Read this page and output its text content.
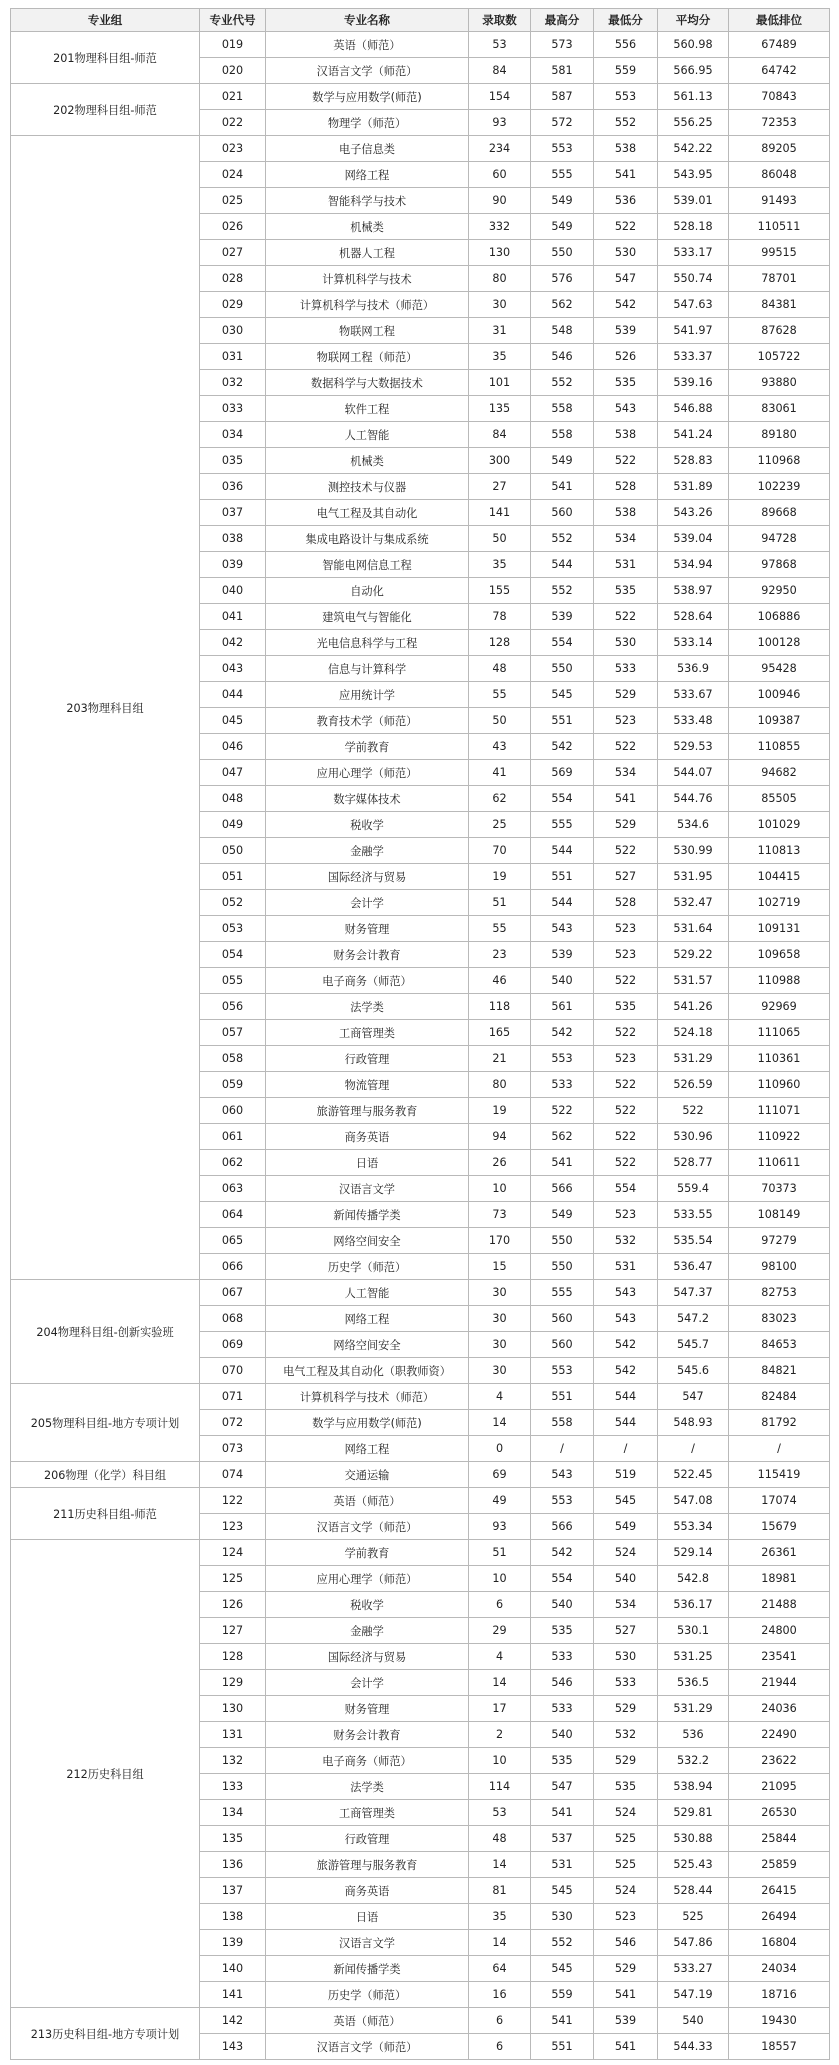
专业组	专业代号	专业名称	录取数	最高分	最低分	平均分	最低排位
201物理科目组-师范	019	英语（师范）	53	573	556	560.98	67489
	020	汉语言文学（师范）	84	581	559	566.95	64742
202物理科目组-师范	021	数学与应用数学(师范)	154	587	553	561.13	70843
	022	物理学（师范）	93	572	552	556.25	72353
203物理科目组	023	电子信息类	234	553	538	542.22	89205
	024	网络工程	60	555	541	543.95	86048
	025	智能科学与技术	90	549	536	539.01	91493
	026	机械类	332	549	522	528.18	110511
	027	机器人工程	130	550	530	533.17	99515
	028	计算机科学与技术	80	576	547	550.74	78701
	029	计算机科学与技术（师范）	30	562	542	547.63	84381
	030	物联网工程	31	548	539	541.97	87628
	031	物联网工程（师范）	35	546	526	533.37	105722
	032	数据科学与大数据技术	101	552	535	539.16	93880
	033	软件工程	135	558	543	546.88	83061
	034	人工智能	84	558	538	541.24	89180
	035	机械类	300	549	522	528.83	110968
	036	测控技术与仪器	27	541	528	531.89	102239
	037	电气工程及其自动化	141	560	538	543.26	89668
	038	集成电路设计与集成系统	50	552	534	539.04	94728
	039	智能电网信息工程	35	544	531	534.94	97868
	040	自动化	155	552	535	538.97	92950
	041	建筑电气与智能化	78	539	522	528.64	106886
	042	光电信息科学与工程	128	554	530	533.14	100128
	043	信息与计算科学	48	550	533	536.9	95428
	044	应用统计学	55	545	529	533.67	100946
	045	教育技术学（师范）	50	551	523	533.48	109387
	046	学前教育	43	542	522	529.53	110855
	047	应用心理学（师范）	41	569	534	544.07	94682
	048	数字媒体技术	62	554	541	544.76	85505
	049	税收学	25	555	529	534.6	101029
	050	金融学	70	544	522	530.99	110813
	051	国际经济与贸易	19	551	527	531.95	104415
	052	会计学	51	544	528	532.47	102719
	053	财务管理	55	543	523	531.64	109131
	054	财务会计教育	23	539	523	529.22	109658
	055	电子商务（师范）	46	540	522	531.57	110988
	056	法学类	118	561	535	541.26	92969
	057	工商管理类	165	542	522	524.18	111065
	058	行政管理	21	553	523	531.29	110361
	059	物流管理	80	533	522	526.59	110960
	060	旅游管理与服务教育	19	522	522	522	111071
	061	商务英语	94	562	522	530.96	110922
	062	日语	26	541	522	528.77	110611
	063	汉语言文学	10	566	554	559.4	70373
	064	新闻传播学类	73	549	523	533.55	108149
	065	网络空间安全	170	550	532	535.54	97279
	066	历史学（师范）	15	550	531	536.47	98100
204物理科目组-创新实验班	067	人工智能	30	555	543	547.37	82753
	068	网络工程	30	560	543	547.2	83023
	069	网络空间安全	30	560	542	545.7	84653
	070	电气工程及其自动化（职教师资）	30	553	542	545.6	84821
205物理科目组-地方专项计划	071	计算机科学与技术（师范）	4	551	544	547	82484
	072	数学与应用数学(师范)	14	558	544	548.93	81792
	073	网络工程	0	/	/	/	/
206物理（化学）科目组	074	交通运输	69	543	519	522.45	115419
211历史科目组-师范	122	英语（师范）	49	553	545	547.08	17074
	123	汉语言文学（师范）	93	566	549	553.34	15679
212历史科目组	124	学前教育	51	542	524	529.14	26361
	125	应用心理学（师范）	10	554	540	542.8	18981
	126	税收学	6	540	534	536.17	21488
	127	金融学	29	535	527	530.1	24800
	128	国际经济与贸易	4	533	530	531.25	23541
	129	会计学	14	546	533	536.5	21944
	130	财务管理	17	533	529	531.29	24036
	131	财务会计教育	2	540	532	536	22490
	132	电子商务（师范）	10	535	529	532.2	23622
	133	法学类	114	547	535	538.94	21095
	134	工商管理类	53	541	524	529.81	26530
	135	行政管理	48	537	525	530.88	25844
	136	旅游管理与服务教育	14	531	525	525.43	25859
	137	商务英语	81	545	524	528.44	26415
	138	日语	35	530	523	525	26494
	139	汉语言文学	14	552	546	547.86	16804
	140	新闻传播学类	64	545	529	533.27	24034
	141	历史学（师范）	16	559	541	547.19	18716
213历史科目组-地方专项计划	142	英语（师范）	6	541	539	540	19430
	143	汉语言文学（师范）	6	551	541	544.33	18557
